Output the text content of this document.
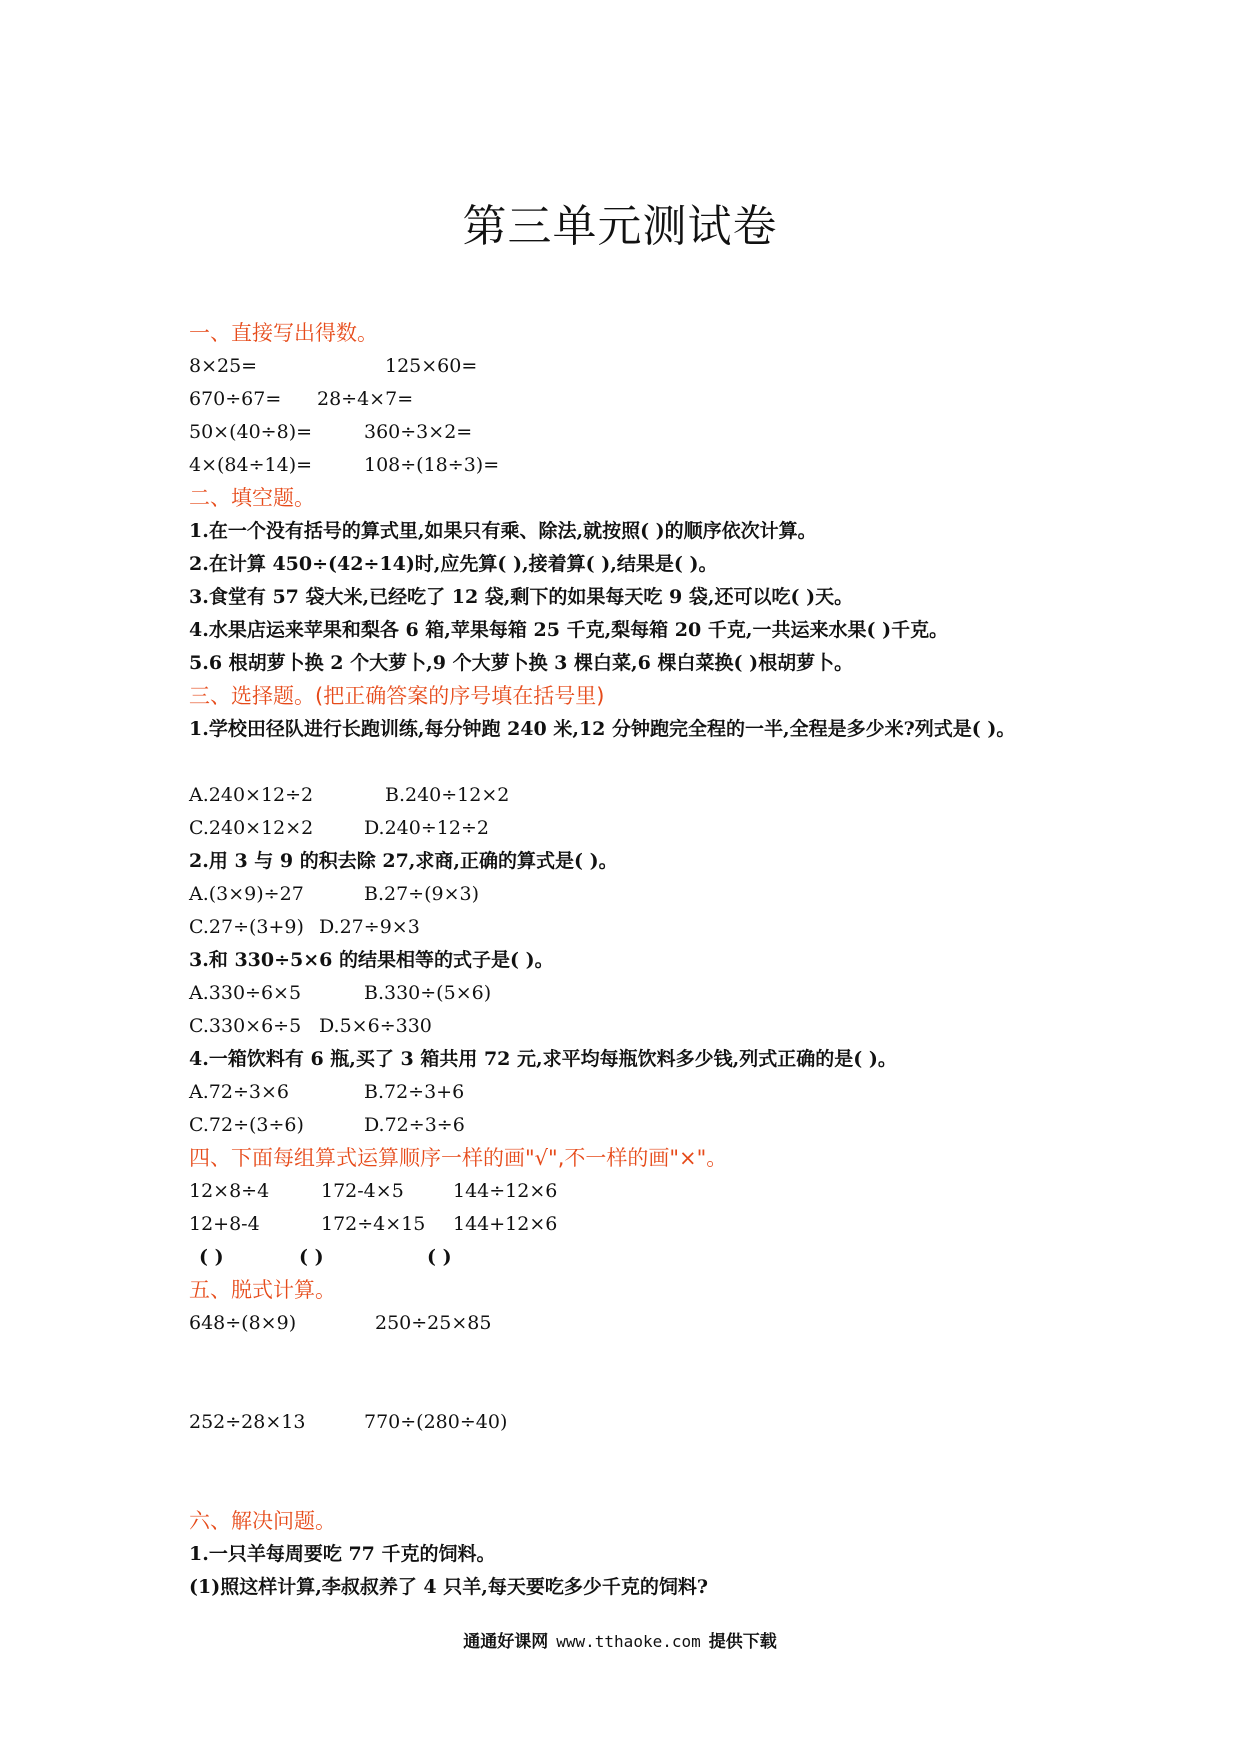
第三单元测试卷
一、直接写出得数。
8×25=	125×60=
670÷67= 28÷4×7=
50×(40÷8)=	360÷3×2=
4×(84÷14)=	108÷(18÷3)=
二、填空题。
1.在一个没有括号的算式里,如果只有乘、除法,就按照( )的顺序依次计算。
2.在计算 450÷(42÷14)时,应先算( ),接着算( ),结果是( )。
3.食堂有 57 袋大米,已经吃了 12 袋,剩下的如果每天吃 9 袋,还可以吃( )天。
4.水果店运来苹果和梨各 6 箱,苹果每箱 25 千克,梨每箱 20 千克,一共运来水果( )千克。
5.6 根胡萝卜换 2 个大萝卜,9 个大萝卜换 3 棵白菜,6 棵白菜换( )根胡萝卜。
三、选择题。(把正确答案的序号填在括号里)
1.学校田径队进行长跑训练,每分钟跑 240 米,12 分钟跑完全程的一半,全程是多少米?列式是( )。
A.240×12÷2	B.240÷12×2
C.240×12×2	D.240÷12÷2
2.用 3 与 9 的积去除 27,求商,正确的算式是( )。
A.(3×9)÷27	B.27÷(9×3)
C.27÷(3+9) D.27÷9×3
3.和 330÷5×6 的结果相等的式子是( )。
A.330÷6×5	B.330÷(5×6)
C.330×6÷5 D.5×6÷330
4.一箱饮料有 6 瓶,买了 3 箱共用 72 元,求平均每瓶饮料多少钱,列式正确的是( )。
A.72÷3×6	B.72÷3+6
C.72÷(3÷6)	D.72÷3÷6
四、下面每组算式运算顺序一样的画"√",不一样的画"×"。
12×8÷4	172-4×5	144÷12×6
12+8-4	172÷4×15 144+12×6
( )	( )	( )
五、脱式计算。
648÷(8×9)	250÷25×85
252÷28×13	770÷(280÷40)
六、解决问题。
1.一只羊每周要吃 77 千克的饲料。
(1)照这样计算,李叔叔养了 4 只羊,每天要吃多少千克的饲料?
通通好课网 www.tthaoke.com 提供下载
